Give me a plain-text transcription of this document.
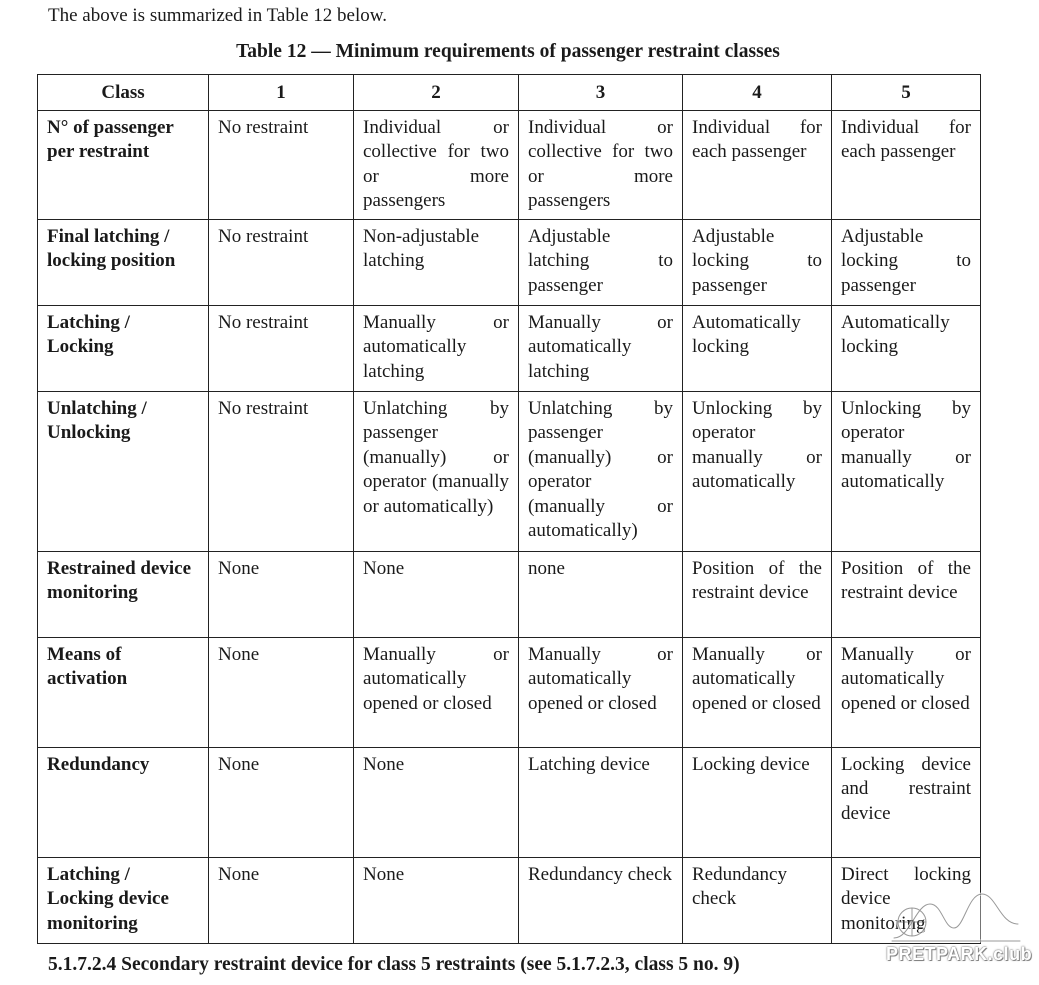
The above is summarized in Table 12 below.

Table 12 — Minimum requirements of passenger restraint classes

Class	1	2	3	4	5
N° of passenger per restraint	No restraint	Individual or collective for two or more passengers	Individual or collective for two or more passengers	Individual for each passenger	Individual for each passenger
Final latching / locking position	No restraint	Non-adjustable latching	Adjustable latching to passenger	Adjustable locking to passenger	Adjustable locking to passenger
Latching / Locking	No restraint	Manually or automatically latching	Manually or automatically latching	Automatically locking	Automatically locking
Unlatching / Unlocking	No restraint	Unlatching by passenger (manually) or operator (manually or automatically)	Unlatching by passenger (manually) or operator (manually or automatically)	Unlocking by operator manually or automatically	Unlocking by operator manually or automatically
Restrained device monitoring	None	None	none	Position of the restraint device	Position of the restraint device
Means of activation	None	Manually or automatically opened or closed	Manually or automatically opened or closed	Manually or automatically opened or closed	Manually or automatically opened or closed
Redundancy	None	None	Latching device	Locking device	Locking device and restraint device
Latching / Locking device monitoring	None	None	Redundancy check	Redundancy check	Direct locking device monitoring

5.1.7.2.4 Secondary restraint device for class 5 restraints (see 5.1.7.2.3, class 5 no. 9)	PRETPARK.club
